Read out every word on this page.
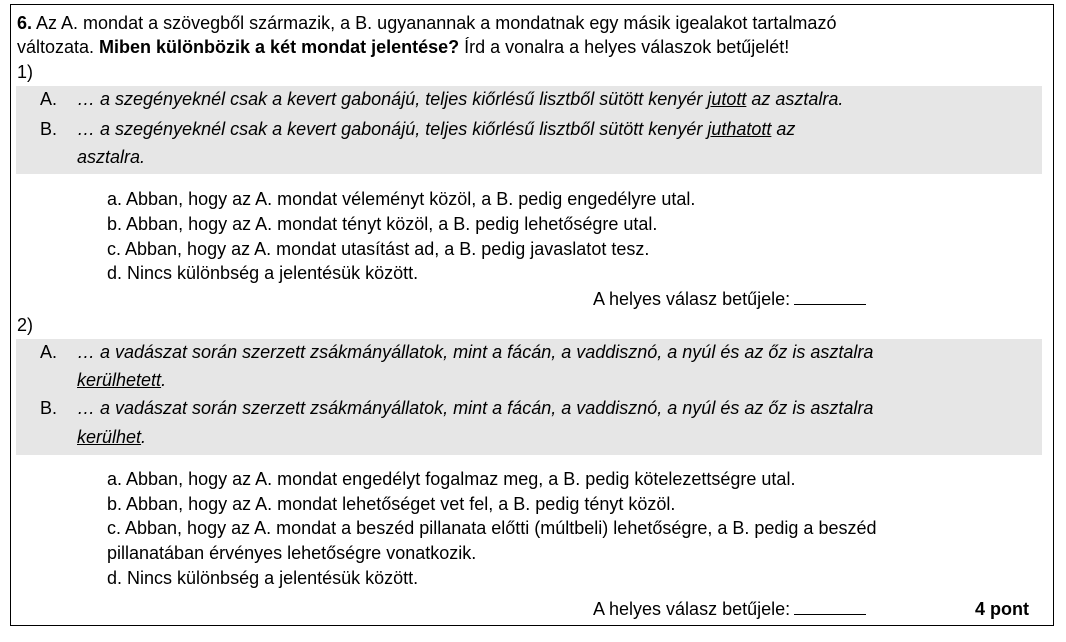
6. Az A. mondat a szövegből származik, a B. ugyanannak a mondatnak egy másik igealakot tartalmazó
változata. Miben különbözik a két mondat jelentése? Írd a vonalra a helyes válaszok betűjelét!
1)
A. … a szegényeknél csak a kevert gabonájú, teljes kiőrlésű lisztből sütött kenyér jutott az asztalra.
B. … a szegényeknél csak a kevert gabonájú, teljes kiőrlésű lisztből sütött kenyér juthatott az
asztalra.
a. Abban, hogy az A. mondat véleményt közöl, a B. pedig engedélyre utal.
b. Abban, hogy az A. mondat tényt közöl, a B. pedig lehetőségre utal.
c. Abban, hogy az A. mondat utasítást ad, a B. pedig javaslatot tesz.
d. Nincs különbség a jelentésük között.
A helyes válasz betűjele:
2)
A. … a vadászat során szerzett zsákmányállatok, mint a fácán, a vaddisznó, a nyúl és az őz is asztalra
kerülhetett.
B. … a vadászat során szerzett zsákmányállatok, mint a fácán, a vaddisznó, a nyúl és az őz is asztalra
kerülhet.
a. Abban, hogy az A. mondat engedélyt fogalmaz meg, a B. pedig kötelezettségre utal.
b. Abban, hogy az A. mondat lehetőséget vet fel, a B. pedig tényt közöl.
c. Abban, hogy az A. mondat a beszéd pillanata előtti (múltbeli) lehetőségre, a B. pedig a beszéd
pillanatában érvényes lehetőségre vonatkozik.
d. Nincs különbség a jelentésük között.
A helyes válasz betűjele:	4 pont
